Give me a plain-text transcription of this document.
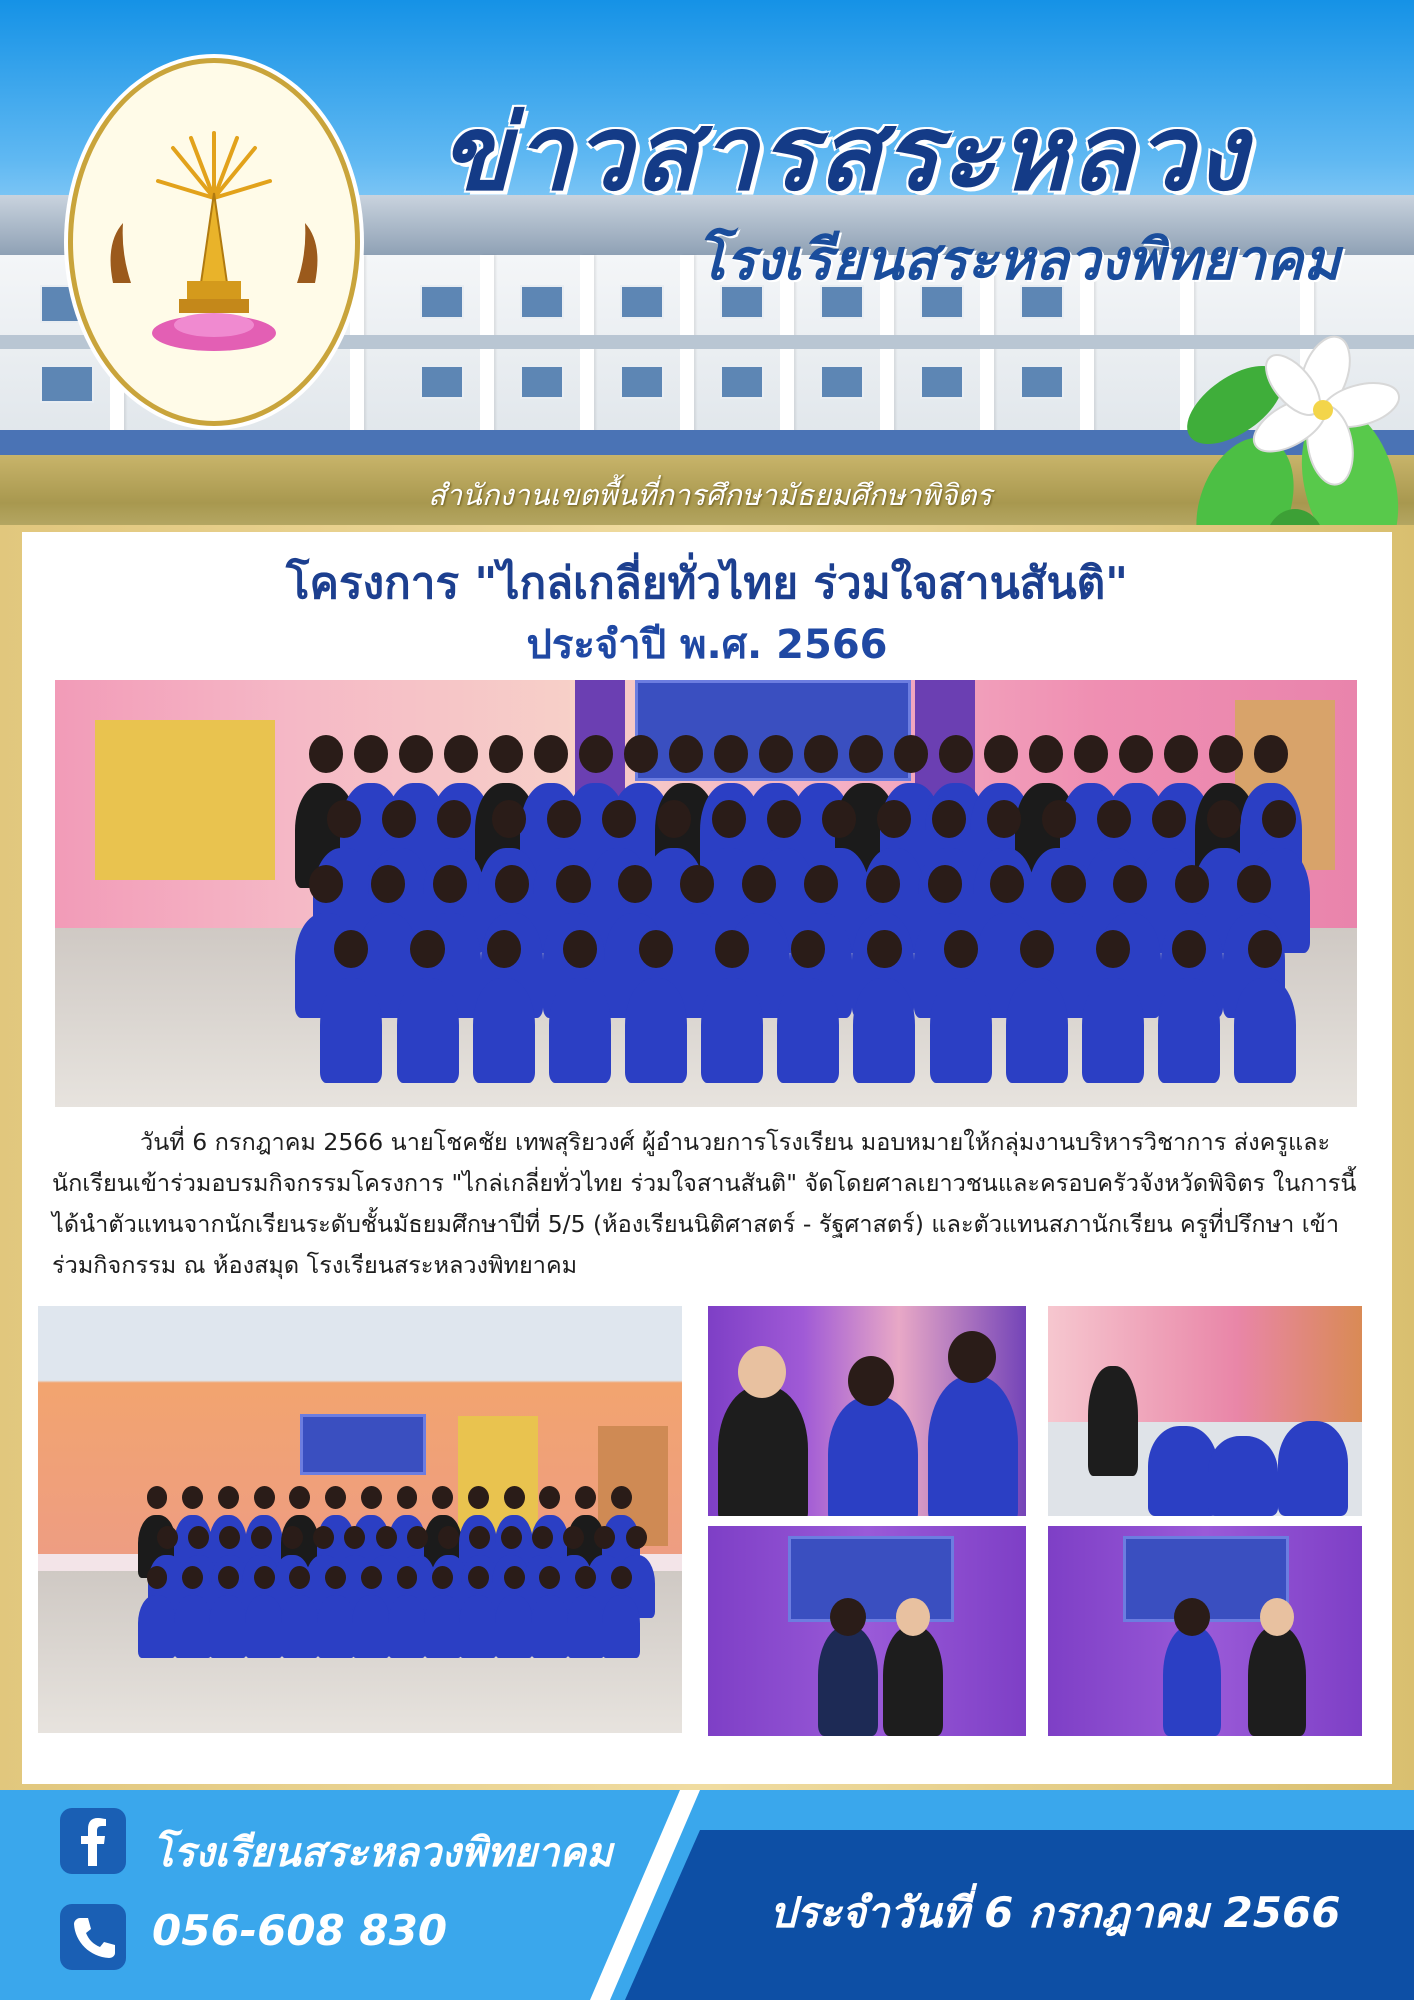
ข่าวสารสระหลวง
โรงเรียนสระหลวงพิทยาคม
สำนักงานเขตพื้นที่การศึกษามัธยมศึกษาพิจิตร
โครงการ "ไกล่เกลี่ยทั่วไทย ร่วมใจสานสันติ"
ประจำปี พ.ศ. 2566
วันที่ 6 กรกฎาคม 2566 นายโชคชัย เทพสุริยวงศ์ ผู้อำนวยการโรงเรียน มอบหมายให้กลุ่มงานบริหารวิชาการ ส่งครูและนักเรียนเข้าร่วมอบรมกิจกรรมโครงการ "ไกล่เกลี่ยทั่วไทย ร่วมใจสานสันติ" จัดโดยศาลเยาวชนและครอบครัวจังหวัดพิจิตร ในการนี้ได้นำตัวแทนจากนักเรียนระดับชั้นมัธยมศึกษาปีที่ 5/5 (ห้องเรียนนิติศาสตร์ - รัฐศาสตร์) และตัวแทนสภานักเรียน ครูที่ปรึกษา เข้าร่วมกิจกรรม ณ ห้องสมุด โรงเรียนสระหลวงพิทยาคม
โรงเรียนสระหลวงพิทยาคม
056-608 830	ประจำวันที่ 6 กรกฎาคม 2566
